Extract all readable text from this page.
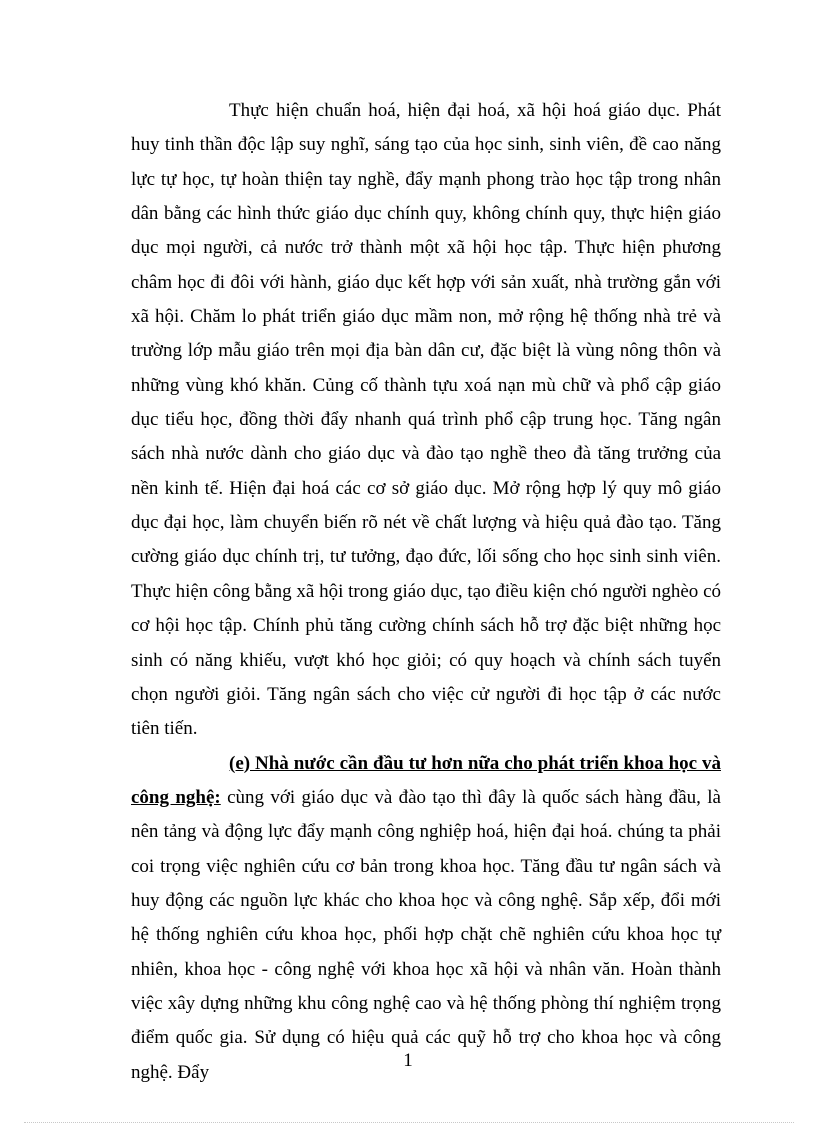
Thực hiện chuẩn hoá, hiện đại hoá, xã hội hoá giáo dục. Phát huy tinh thần độc lập suy nghĩ, sáng tạo của học sinh, sinh viên, đề cao năng lực tự học, tự hoàn thiện tay nghề, đẩy mạnh phong trào học tập trong nhân dân bằng các hình thức giáo dục chính quy, không chính quy, thực hiện giáo dục mọi người, cả nước trở thành một xã hội học tập. Thực hiện phương châm học đi đôi với hành, giáo dục kết hợp với sản xuất, nhà trường gắn với xã hội. Chăm lo phát triển giáo dục mầm non, mở rộng hệ thống nhà trẻ và trường lớp mẫu giáo trên mọi địa bàn dân cư, đặc biệt là vùng nông thôn và những vùng khó khăn. Củng cố thành tựu xoá nạn mù chữ và phổ cập giáo dục tiểu học, đồng thời đẩy nhanh quá trình phổ cập trung học. Tăng ngân sách nhà nước dành cho giáo dục và đào tạo nghề theo đà tăng trưởng của nền kinh tế. Hiện đại hoá các cơ sở giáo dục. Mở rộng hợp lý quy mô giáo dục đại học, làm chuyển biến rõ nét về chất lượng và hiệu quả đào tạo. Tăng cường giáo dục chính trị, tư tưởng, đạo đức, lối sống cho học sinh sinh viên. Thực hiện công bằng xã hội trong giáo dục, tạo điều kiện chó người nghèo có cơ hội học tập. Chính phủ tăng cường chính sách hỗ trợ đặc biệt những học sinh có năng khiếu, vượt khó học giỏi; có quy hoạch và chính sách tuyển chọn người giỏi. Tăng ngân sách cho việc cử người đi học tập ở các nước tiên tiến.

(e) Nhà nước cần đầu tư hơn nữa cho phát triển khoa học và công nghệ: cùng với giáo dục và đào tạo thì đây là quốc sách hàng đầu, là nên tảng và động lực đẩy mạnh công nghiệp hoá, hiện đại hoá. chúng ta phải coi trọng việc nghiên cứu cơ bản trong khoa học. Tăng đầu tư ngân sách và huy động các nguồn lực khác cho khoa học và công nghệ. Sắp xếp, đổi mới hệ thống nghiên cứu khoa học, phối hợp chặt chẽ nghiên cứu khoa học tự nhiên, khoa học - công nghệ với khoa học xã hội và nhân văn. Hoàn thành việc xây dựng những khu công nghệ cao và hệ thống phòng thí nghiệm trọng điểm quốc gia. Sử dụng có hiệu quả các quỹ hỗ trợ cho khoa học và công nghệ. Đẩy

1
